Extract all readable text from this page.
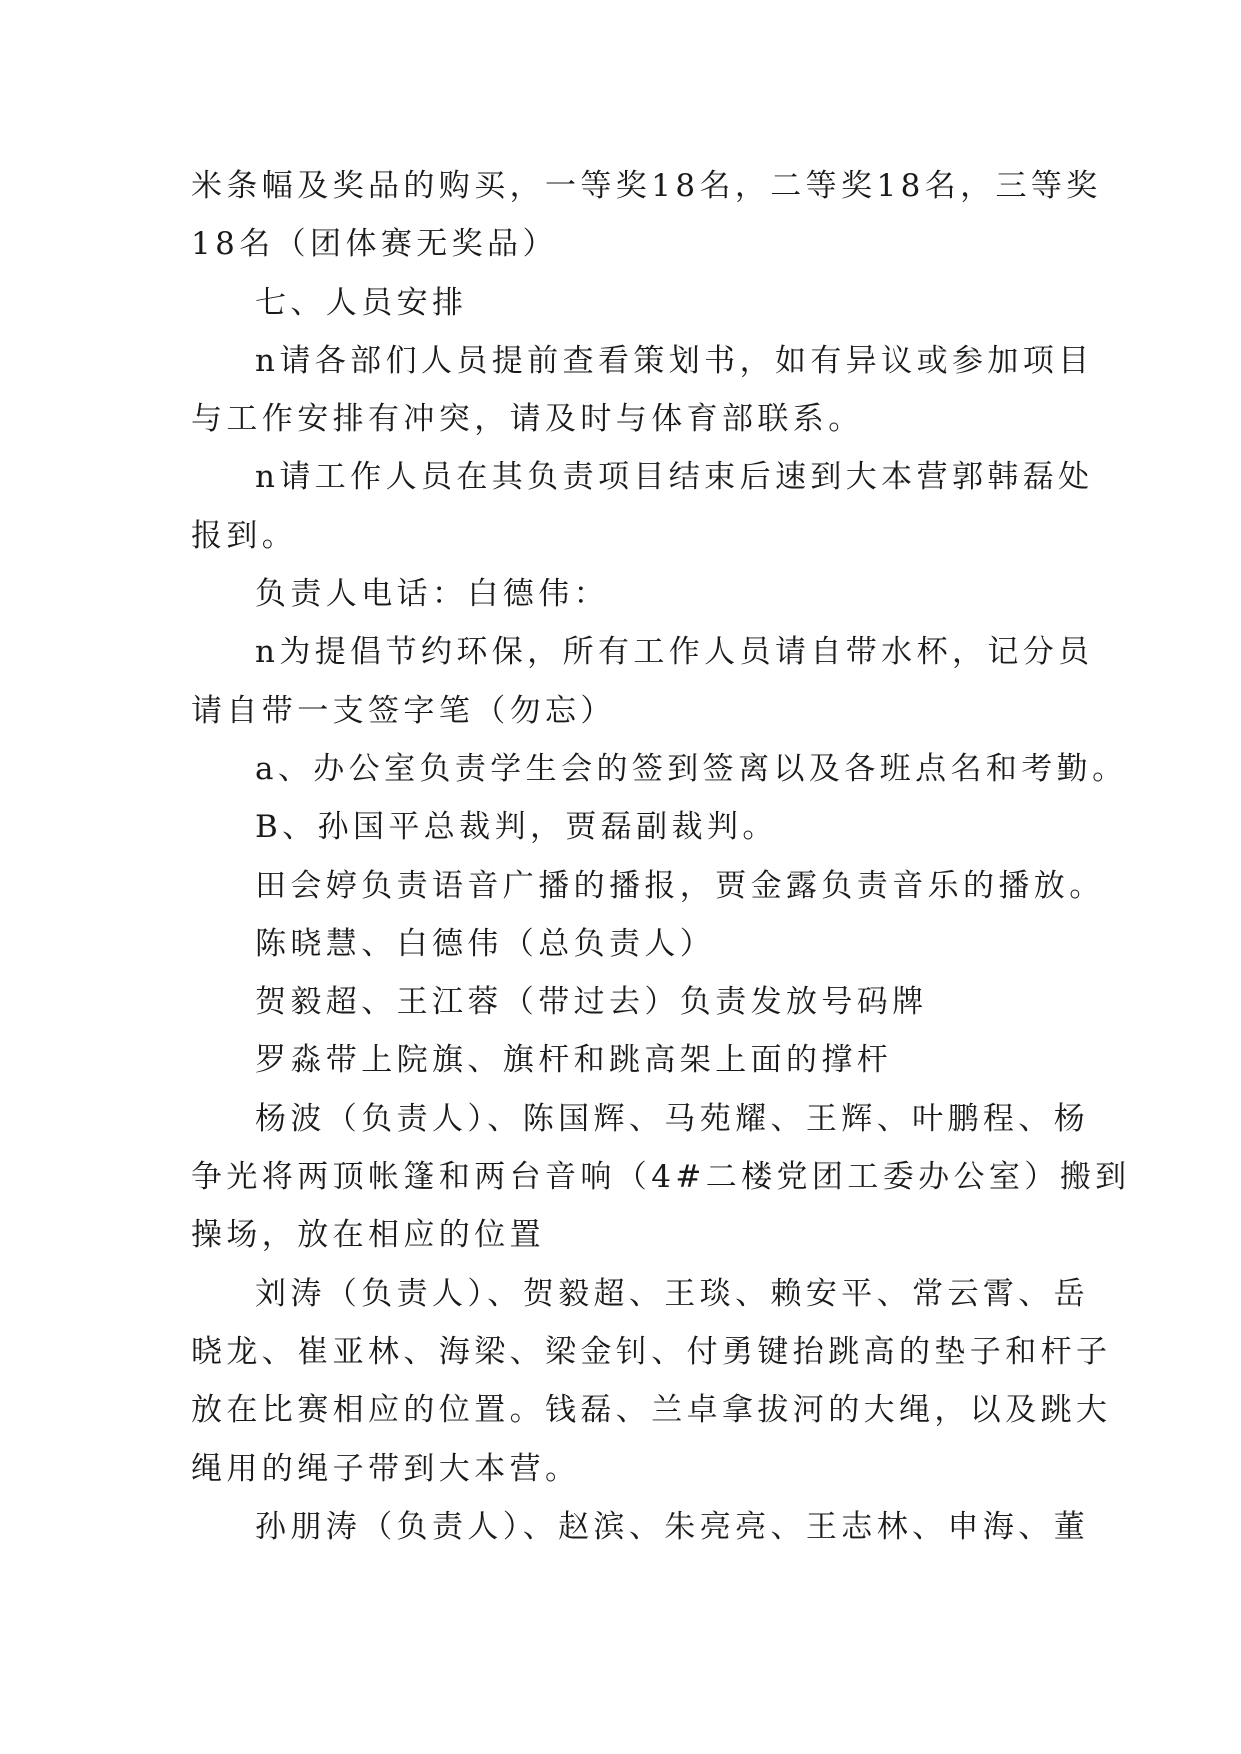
米条幅及奖品的购买，一等奖18名，二等奖18名，三等奖
18名（团体赛无奖品）
七、人员安排
n请各部们人员提前查看策划书，如有异议或参加项目
与工作安排有冲突，请及时与体育部联系。
n请工作人员在其负责项目结束后速到大本营郭韩磊处
报到。
负责人电话：白德伟：
n为提倡节约环保，所有工作人员请自带水杯，记分员
请自带一支签字笔（勿忘）
a、办公室负责学生会的签到签离以及各班点名和考勤。
B、孙国平总裁判，贾磊副裁判。
田会婷负责语音广播的播报，贾金露负责音乐的播放。
陈晓慧、白德伟（总负责人）
贺毅超、王江蓉（带过去）负责发放号码牌
罗淼带上院旗、旗杆和跳高架上面的撑杆
杨波（负责人）、陈国辉、马苑耀、王辉、叶鹏程、杨
争光将两顶帐篷和两台音响（4#二楼党团工委办公室）搬到
操场，放在相应的位置
刘涛（负责人）、贺毅超、王琰、赖安平、常云霄、岳
晓龙、崔亚林、海梁、梁金钊、付勇键抬跳高的垫子和杆子
放在比赛相应的位置。钱磊、兰卓拿拔河的大绳，以及跳大
绳用的绳子带到大本营。
孙朋涛（负责人）、赵滨、朱亮亮、王志林、申海、董
